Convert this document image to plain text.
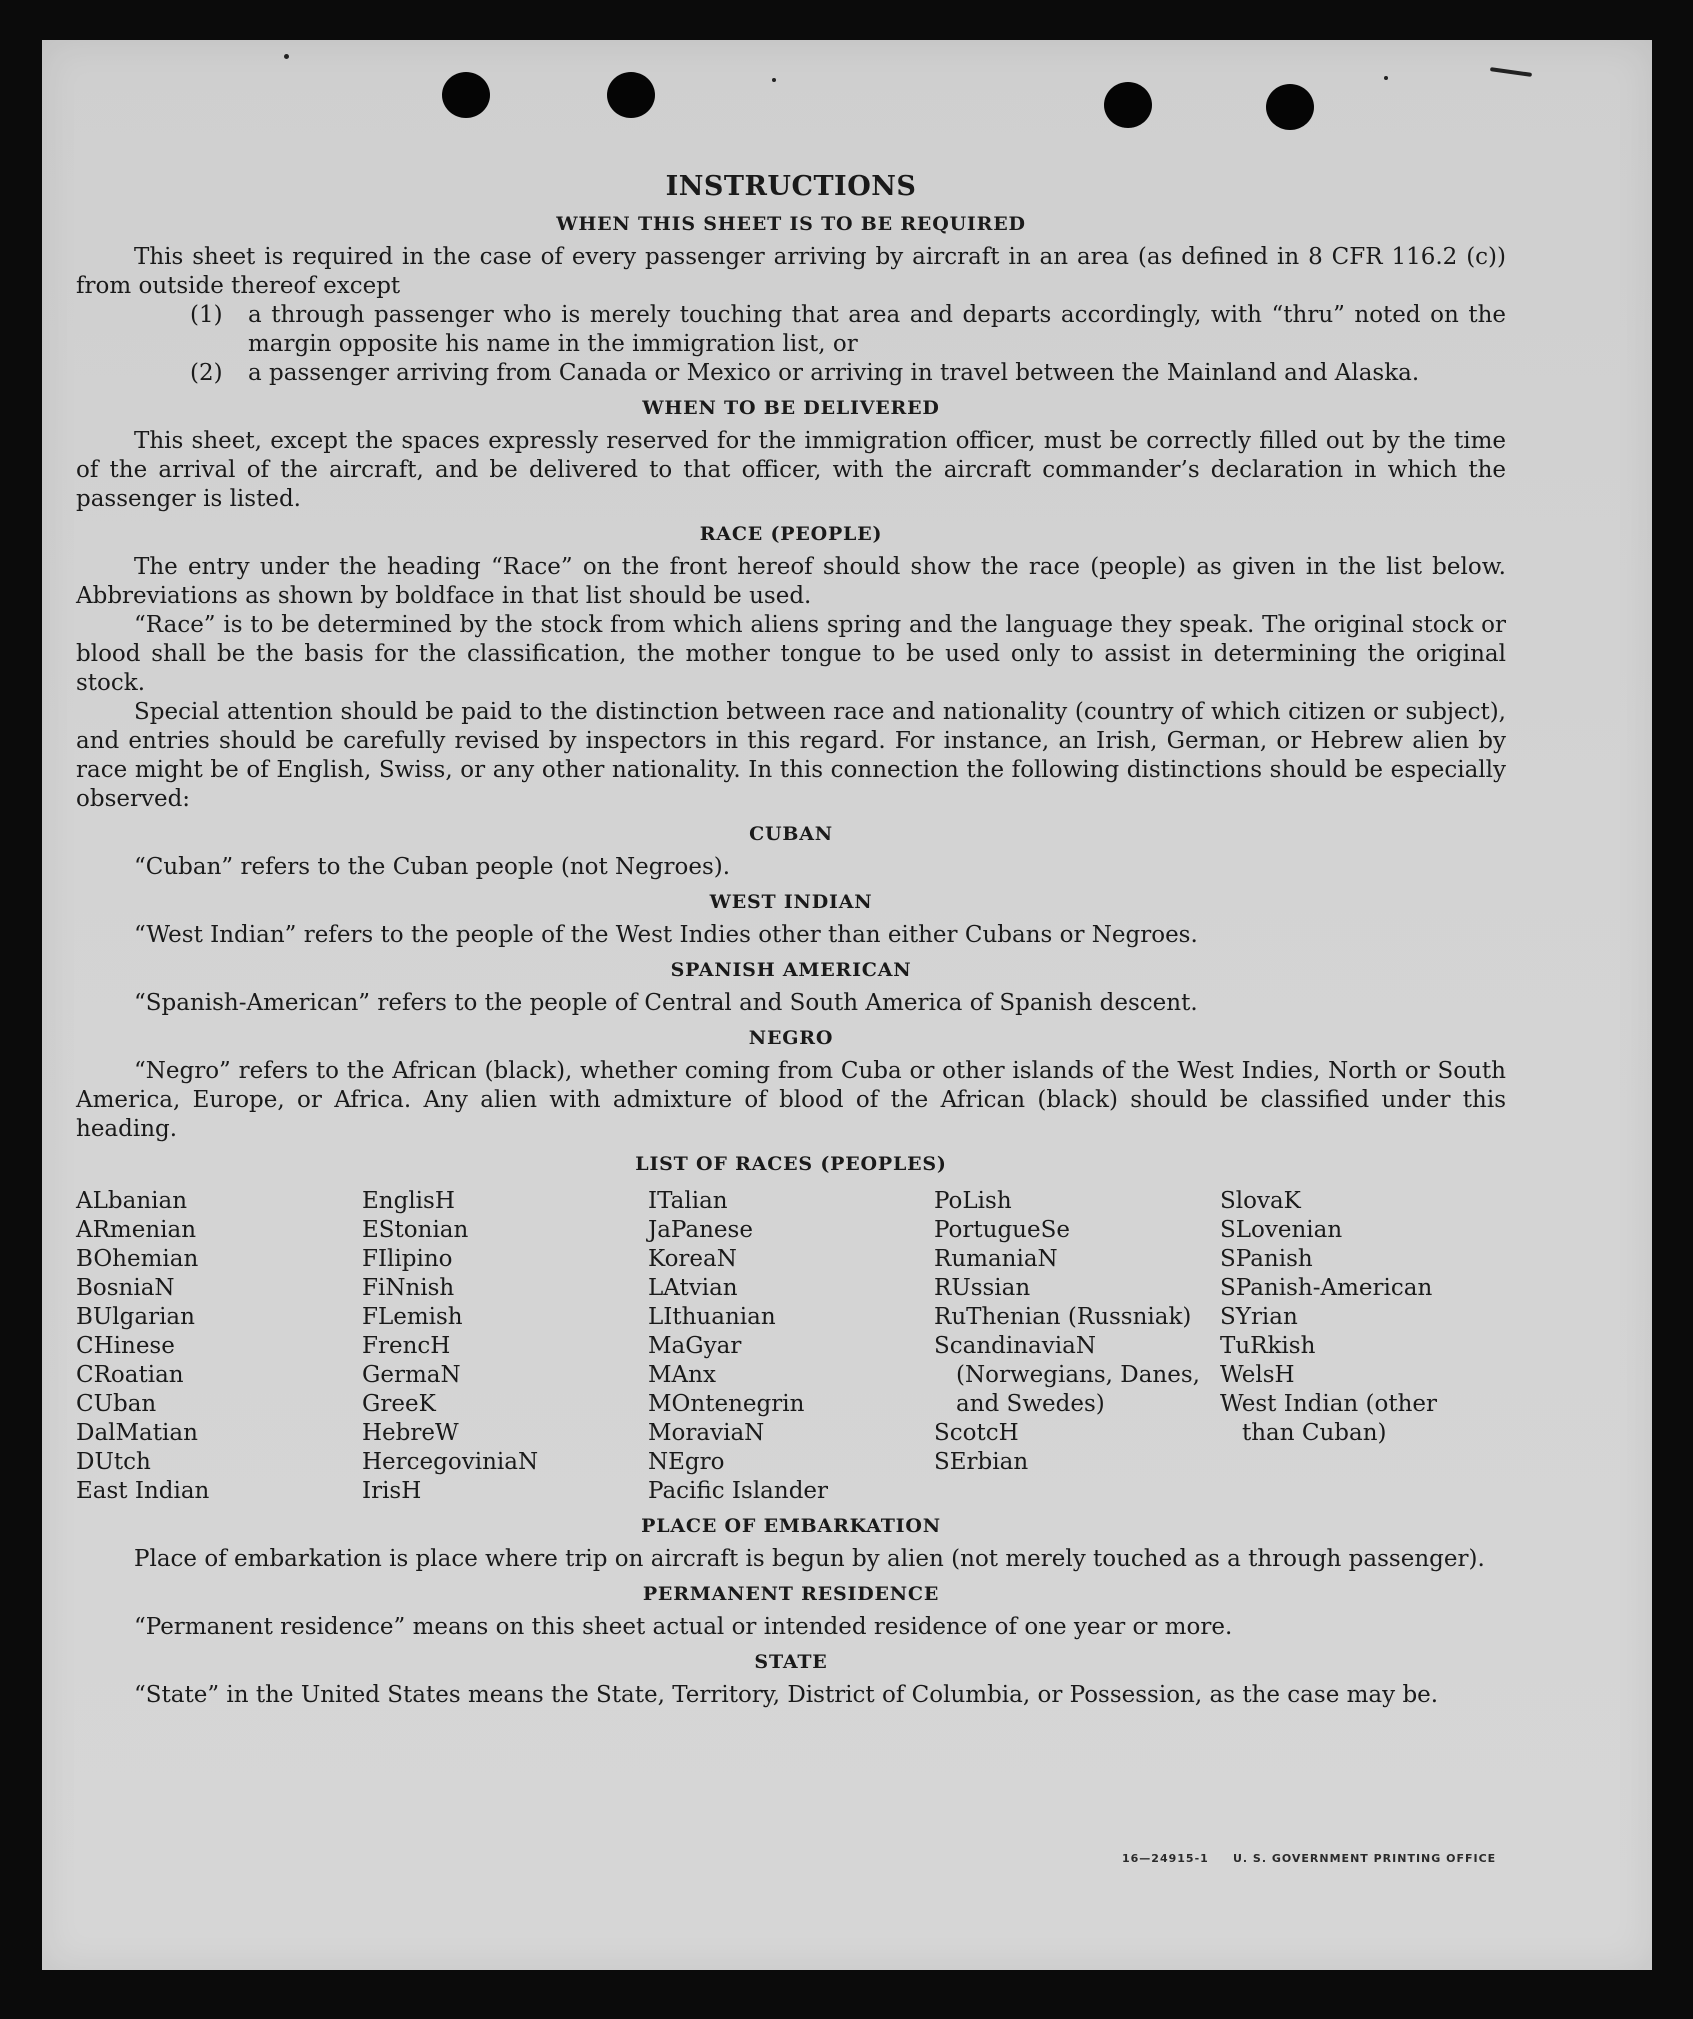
INSTRUCTIONS
WHEN THIS SHEET IS TO BE REQUIRED

This sheet is required in the case of every passenger arriving by aircraft in an area (as defined in 8 CFR 116.2 (c)) from outside thereof except

(1)	a through passenger who is merely touching that area and departs accordingly, with “thru” noted on the margin opposite his name in the immigration list, or
(2)	a passenger arriving from Canada or Mexico or arriving in travel between the Mainland and Alaska.
WHEN TO BE DELIVERED

This sheet, except the spaces expressly reserved for the immigration officer, must be correctly filled out by the time of the arrival of the aircraft, and be delivered to that officer, with the aircraft commander’s declaration in which the passenger is listed.

RACE (PEOPLE)

The entry under the heading “Race” on the front hereof should show the race (people) as given in the list below. Abbreviations as shown by boldface in that list should be used.

“Race” is to be determined by the stock from which aliens spring and the language they speak. The original stock or blood shall be the basis for the classification, the mother tongue to be used only to assist in determining the original stock.

Special attention should be paid to the distinction between race and nationality (country of which citizen or subject), and entries should be carefully revised by inspectors in this regard. For instance, an Irish, German, or Hebrew alien by race might be of English, Swiss, or any other nationality. In this connection the following distinctions should be especially observed:

CUBAN

“Cuban” refers to the Cuban people (not Negroes).

WEST INDIAN

“West Indian” refers to the people of the West Indies other than either Cubans or Negroes.

SPANISH AMERICAN

“Spanish-American” refers to the people of Central and South America of Spanish descent.

NEGRO

“Negro” refers to the African (black), whether coming from Cuba or other islands of the West Indies, North or South America, Europe, or Africa. Any alien with admixture of blood of the African (black) should be classified under this heading.

LIST OF RACES (PEOPLES)
ALbanian
ARmenian
BOhemian
BosniaN
BUlgarian
CHinese
CRoatian
CUban
DalMatian
DUtch
East Indian
EnglisH
EStonian
FIlipino
FiNnish
FLemish
FrencH
GermaN
GreeK
HebreW
HercegoviniaN
IrisH
ITalian
JaPanese
KoreaN
LAtvian
LIthuanian
MaGyar
MAnx
MOntenegrin
MoraviaN
NEgro
Pacific Islander
PoLish
PortugueSe
RumaniaN
RUssian
RuThenian (Russniak)
ScandinaviaN (Norwegians, Danes, and Swedes)
ScotcH
SErbian
SlovaK
SLovenian
SPanish
SPanish-American
SYrian
TuRkish
WelsH
West Indian (other than Cuban)
PLACE OF EMBARKATION

Place of embarkation is place where trip on aircraft is begun by alien (not merely touched as a through passenger).

PERMANENT RESIDENCE

“Permanent residence” means on this sheet actual or intended residence of one year or more.

STATE

“State” in the United States means the State, Territory, District of Columbia, or Possession, as the case may be.

16—24915-1 U. S. GOVERNMENT PRINTING OFFICE
